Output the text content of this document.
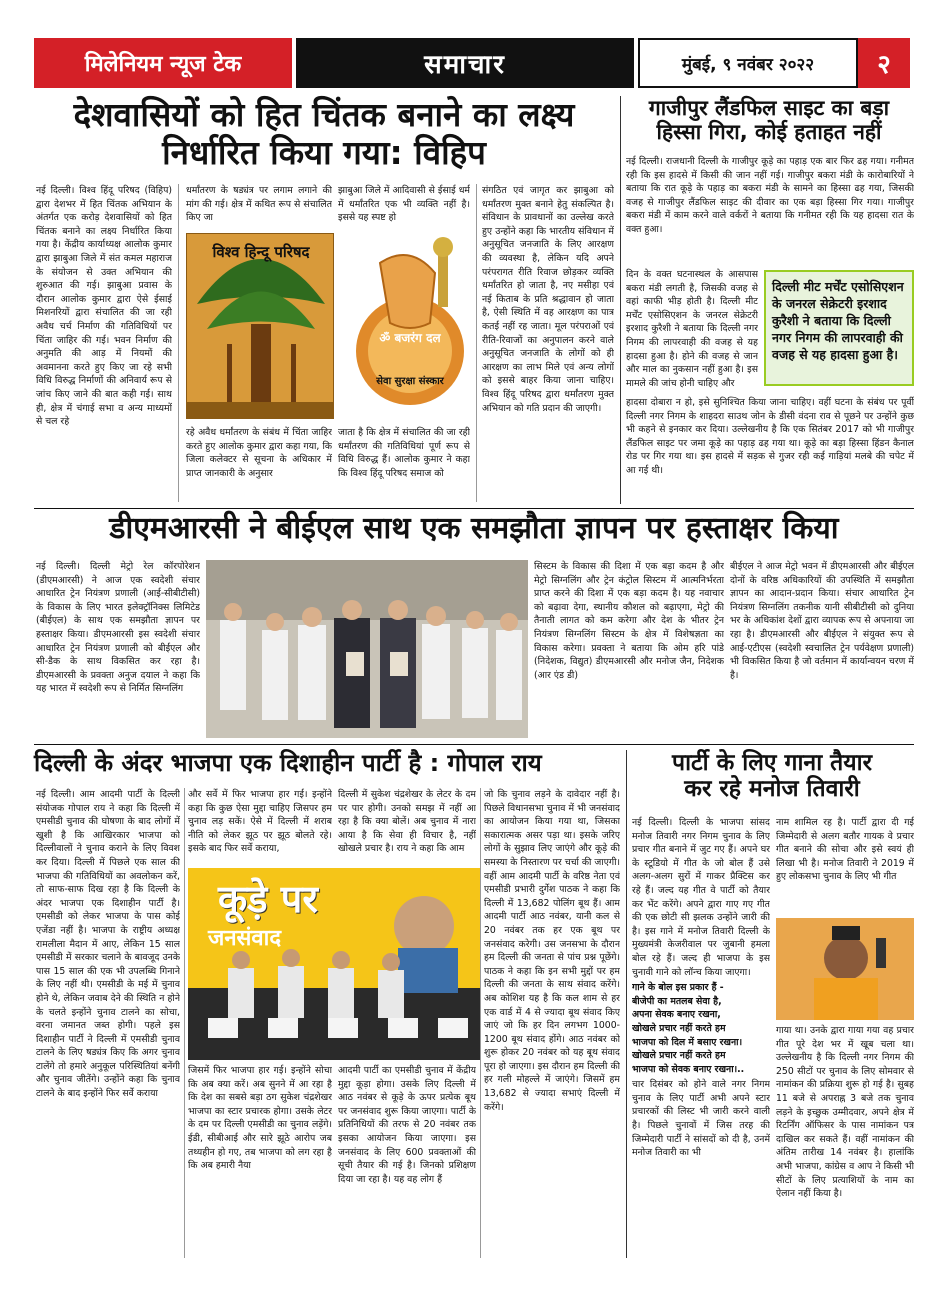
मिलेनियम न्यूज टेक	समाचार	मुंबई, ९ नवंबर २०२२	२
देशवासियों को हित चिंतक बनाने का लक्ष्य
निर्धारित किया गया: विहिप
नई दिल्ली। विश्व हिंदू परिषद (विहिप) द्वारा देशभर में हित चिंतक अभियान के अंतर्गत एक करोड़ देशवासियों को हित चिंतक बनाने का लक्ष्य निर्धारित किया गया है। केंद्रीय कार्याध्यक्ष आलोक कुमार द्वारा झाबुआ जिले में संत कमल महाराज के संयोजन से उक्त अभियान की शुरुआत की गई। झाबुआ प्रवास के दौरान आलोक कुमार द्वारा ऐसे ईसाई मिशनरियों द्वारा संचालित की जा रही अवैध चर्च निर्माण की गतिविधियों पर चिंता जाहिर की गई। भवन निर्माण की अनुमति की आड़ में नियमों की अवमानना करते हुए किए जा रहे सभी विधि विरुद्ध निर्माणों की अनिवार्य रूप से जांच किए जाने की बात कही गई। साथ ही, क्षेत्र में चंगाई सभा व अन्य माध्यमों से चल रहे
धर्मांतरण के षड्यंत्र पर लगाम लगाने की मांग की गई। क्षेत्र में कथित रूप से संचालित किए जा
झाबुआ जिले में आदिवासी से ईसाई धर्म में धर्मांतरित एक भी व्यक्ति नहीं है। इससे यह स्पष्ट हो
विश्व हिन्दू परिषद
ॐ बजरंग दल
सेवा सुरक्षा संस्कार
रहे अवैध धर्मांतरण के संबंध में चिंता जाहिर करते हुए आलोक कुमार द्वारा कहा गया, कि जिला कलेक्टर से सूचना के अधिकार में प्राप्त जानकारी के अनुसार
जाता है कि क्षेत्र में संचालित की जा रही धर्मांतरण की गतिविधियां पूर्ण रूप से विधि विरुद्ध हैं। आलोक कुमार ने कहा कि विश्व हिंदू परिषद समाज को
संगठित एवं जागृत कर झाबुआ को धर्मांतरण मुक्त बनाने हेतु संकल्पित है। संविधान के प्रावधानों का उल्लेख करते हुए उन्होंने कहा कि भारतीय संविधान में अनुसूचित जनजाति के लिए आरक्षण की व्यवस्था है, लेकिन यदि अपने परंपरागत रीति रिवाज छोड़कर व्यक्ति धर्मांतरित हो जाता है, नए मसीहा एवं नई किताब के प्रति श्रद्धावान हो जाता है, ऐसी स्थिति में वह आरक्षण का पात्र कतई नहीं रह जाता। मूल परंपराओं एवं रीति-रिवाजों का अनुपालन करने वाले अनुसूचित जनजाति के लोगों को ही आरक्षण का लाभ मिले एवं अन्य लोगों को इससे बाहर किया जाना चाहिए। विश्व हिंदू परिषद द्वारा धर्मांतरण मुक्त अभियान को गति प्रदान की जाएगी।
गाजीपुर लैंडफिल साइट का बड़ा
हिस्सा गिरा, कोई हताहत नहीं
नई दिल्ली। राजधानी दिल्ली के गाजीपुर कूड़े का पहाड़ एक बार फिर ढह गया। गनीमत रही कि इस हादसे में किसी की जान नहीं गई। गाजीपुर बकरा मंडी के कारोबारियों ने बताया कि रात कूड़े के पहाड़ का बकरा मंडी के सामने का हिस्सा ढह गया, जिसकी वजह से गाजीपुर लैंडफिल साइट की दीवार का एक बड़ा हिस्सा गिर गया। गाजीपुर बकरा मंडी में काम करने वाले वर्करों ने बताया कि गनीमत रही कि यह हादसा रात के वक्त हुआ।
दिन के वक्त घटनास्थल के आसपास बकरा मंडी लगती है, जिसकी वजह से वहां काफी भीड़ होती है। दिल्ली मीट मर्चेंट एसोसिएशन के जनरल सेक्रेटरी इरशाद कुरैशी ने बताया कि दिल्ली नगर निगम की लापरवाही की वजह से यह हादसा हुआ है। होने की वजह से जान और माल का नुकसान नहीं हुआ है। इस मामले की जांच होनी चाहिए और
दिल्ली मीट मर्चेंट एसोसिएशन के जनरल सेक्रेटरी इरशाद कुरैशी ने बताया कि दिल्ली नगर निगम की लापरवाही की वजह से यह हादसा हुआ है।
हादसा दोबारा न हो, इसे सुनिश्चित किया जाना चाहिए। वहीं घटना के संबंध पर पूर्वी दिल्ली नगर निगम के शाहदरा साउथ जोन के डीसी वंदना राव से पूछने पर उन्होंने कुछ भी कहने से इनकार कर दिया। उल्लेखनीय है कि एक सितंबर 2017 को भी गाजीपुर लैंडफिल साइट पर जमा कूड़े का पहाड़ ढह गया था। कूड़े का बड़ा हिस्सा हिंडन कैनाल रोड पर गिर गया था। इस हादसे में सड़क से गुजर रही कई गाड़ियां मलबे की चपेट में आ गई थी।
डीएमआरसी ने बीईएल साथ एक समझौता ज्ञापन पर हस्ताक्षर किया
नई दिल्ली। दिल्ली मेट्रो रेल कॉरपोरेशन (डीएमआरसी) ने आज एक स्वदेशी संचार आधारित ट्रेन नियंत्रण प्रणाली (आई-सीबीटीसी) के विकास के लिए भारत इलेक्ट्रॉनिक्स लिमिटेड (बीईएल) के साथ एक समझौता ज्ञापन पर हस्ताक्षर किया। डीएमआरसी इस स्वदेशी संचार आधारित ट्रेन नियंत्रण प्रणाली को बीईएल और सी-डैक के साथ विकसित कर रहा है। डीएमआरसी के प्रवक्ता अनुज दयाल ने कहा कि यह भारत में स्वदेशी रूप से निर्मित सिग्नलिंग
सिस्टम के विकास की दिशा में एक बड़ा कदम है और मेट्रो सिग्नलिंग और ट्रेन कंट्रोल सिस्टम में आत्मनिर्भरता प्राप्त करने की दिशा में एक बड़ा कदम है। यह नवाचार को बढ़ावा देगा, स्थानीय कौशल को बढ़ाएगा, मेट्रो की तैनाती लागत को कम करेगा और देश के भीतर ट्रेन नियंत्रण सिग्नलिंग सिस्टम के क्षेत्र में विशेषज्ञता का विकास करेगा। प्रवक्ता ने बताया कि ओम हरि पांडे (निदेशक, विद्युत) डीएमआरसी और मनोज जैन, निदेशक (आर एंड डी)
बीईएल ने आज मेट्रो भवन में डीएमआरसी और बीईएल दोनों के वरिष्ठ अधिकारियों की उपस्थिति में समझौता ज्ञापन का आदान-प्रदान किया। संचार आधारित ट्रेन नियंत्रण सिग्नलिंग तकनीक यानी सीबीटीसी को दुनिया भर के अधिकांश देशों द्वारा व्यापक रूप से अपनाया जा रहा है। डीएमआरसी और बीईएल ने संयुक्त रूप से आई-एटीएस (स्वदेशी स्वचालित ट्रेन पर्यवेक्षण प्रणाली) भी विकसित किया है जो वर्तमान में कार्यान्वयन चरण में है।
दिल्ली के अंदर भाजपा एक दिशाहीन पार्टी है : गोपाल राय
नई दिल्ली। आम आदमी पार्टी के दिल्ली संयोजक गोपाल राय ने कहा कि दिल्ली में एमसीडी चुनाव की घोषणा के बाद लोगों में खुशी है कि आखिरकार भाजपा को दिल्लीवालों ने चुनाव कराने के लिए विवश कर दिया। दिल्ली में पिछले एक साल की भाजपा की गतिविधियों का अवलोकन करें, तो साफ-साफ दिख रहा है कि दिल्ली के अंदर भाजपा एक दिशाहीन पार्टी है। एमसीडी को लेकर भाजपा के पास कोई एजेंडा नहीं है। भाजपा के राष्ट्रीय अध्यक्ष रामलीला मैदान में आए, लेकिन 15 साल एमसीडी में सरकार चलाने के बावजूद उनके पास 15 साल की एक भी उपलब्धि गिनाने के लिए नहीं थी। एमसीडी के मई में चुनाव होने थे, लेकिन जवाब देने की स्थिति न होने के चलते इन्होंने चुनाव टालने का सोचा, वरना जमानत जब्त होगी। पहले इस दिशाहीन पार्टी ने दिल्ली में एमसीडी चुनाव टालने के लिए षड्यंत्र किए कि अगर चुनाव टालेंगे तो हमारे अनुकूल परिस्थितियां बनेंगी और चुनाव जीतेंगे। उन्होंने कहा कि चुनाव टालने के बाद इन्होंने फिर सर्वे कराया
और सर्वे में फिर भाजपा हार गई। इन्होंने कहा कि कुछ ऐसा मुद्दा चाहिए जिसपर हम चुनाव लड़ सकें। ऐसे में दिल्ली में शराब नीति को लेकर झूठ पर झूठ बोलते रहे। इसके बाद फिर सर्वे कराया,
दिल्ली में सुकेश चंद्रशेखर के लेटर के दम पर पार होगी। उनको समझ में नहीं आ रहा है कि क्या बोलें। अब चुनाव में नारा आया है कि सेवा ही विचार है, नहीं खोखले प्रचार है। राय ने कहा कि आम
कूड़े पर
जनसंवाद
जिसमें फिर भाजपा हार गई। इन्होंने सोचा कि अब क्या करें। अब सुनने में आ रहा है कि देश का सबसे बड़ा ठग सुकेश चंद्रशेखर भाजपा का स्टार प्रचारक होगा। उसके लेटर के दम पर दिल्ली एमसीडी का चुनाव लड़ेंगे। ईडी, सीबीआई और सारे झूठे आरोप जब तथ्यहीन हो गए, तब भाजपा को लग रहा है कि अब हमारी नैया
आदमी पार्टी का एमसीडी चुनाव में केंद्रीय मुद्दा कूड़ा होगा। उसके लिए दिल्ली में आठ नवंबर से कूड़े के ऊपर प्रत्येक बूथ पर जनसंवाद शुरू किया जाएगा। पार्टी के प्रतिनिधियों की तरफ से 20 नवंबर तक इसका आयोजन किया जाएगा। इस जनसंवाद के लिए 600 प्रवक्ताओं की सूची तैयार की गई है। जिनको प्रशिक्षण दिया जा रहा है। यह वह लोग हैं
जो कि चुनाव लड़ने के दावेदार नहीं है। पिछले विधानसभा चुनाव में भी जनसंवाद का आयोजन किया गया था, जिसका सकारात्मक असर पड़ा था। इसके जरिए लोगों के सुझाव लिए जाएंगे और कूड़े की समस्या के निस्तारण पर चर्चा की जाएगी। वहीं आम आदमी पार्टी के वरिष्ठ नेता एवं एमसीडी प्रभारी दुर्गेश पाठक ने कहा कि दिल्ली में 13,682 पोलिंग बूथ हैं। आम आदमी पार्टी आठ नवंबर, यानी कल से 20 नवंबर तक हर एक बूथ पर जनसंवाद करेगी। उस जनसभा के दौरान हम दिल्ली की जनता से पांच प्रश्न पूछेंगे। पाठक ने कहा कि इन सभी मुद्दों पर हम दिल्ली की जनता के साथ संवाद करेंगे। अब कोशिश यह है कि कल शाम से हर एक वार्ड में 4 से ज्यादा बूथ संवाद किए जाएं जो कि हर दिन लगभग 1000-1200 बूथ संवाद होंगे। आठ नवंबर को शुरू होकर 20 नवंबर को यह बूथ संवाद पूरा हो जाएगा। इस दौरान हम दिल्ली की हर गली मोहल्ले में जाएंगे। जिसमें हम 13,682 से ज्यादा सभाएं दिल्ली में करेंगे।
पार्टी के लिए गाना तैयार
कर रहे मनोज तिवारी
नई दिल्ली। दिल्ली के भाजपा सांसद मनोज तिवारी नगर निगम चुनाव के लिए प्रचार गीत बनाने में जुट गए हैं। अपने घर के स्टूडियो में गीत के जो बोल हैं उसे अलग-अलग सुरों में गाकर प्रैक्टिस कर रहे हैं। जल्द यह गीत वे पार्टी को तैयार कर भेंट करेंगे। अपने द्वारा गाए गए गीत की एक छोटी सी झलक उन्होंने जारी की है। इस गाने में मनोज तिवारी दिल्ली के मुख्यमंत्री केजरीवाल पर जुबानी हमला बोल रहे हैं। जल्द ही भाजपा के इस चुनावी गाने को लॉन्च किया जाएगा।
गाने के बोल इस प्रकार हैं -
बीजेपी का मतलब सेवा है,
अपना सेवक बनाए रखना,
खोखले प्रचार नहीं करते हम
भाजपा को दिल में बसाए रखना।
खोखले प्रचार नहीं करते हम
भाजपा को सेवक बनाए रखना।..
चार दिसंबर को होने वाले नगर निगम चुनाव के लिए पार्टी अभी अपने स्टार प्रचारकों की लिस्ट भी जारी करने वाली है। पिछले चुनावों में जिस तरह की जिम्मेदारी पार्टी ने सांसदों को दी है, उनमें मनोज तिवारी का भी
नाम शामिल रह है। पार्टी द्वारा दी गई जिम्मेदारी से अलग बतौर गायक वे प्रचार गीत बनाने की सोचा और इसे स्वयं ही लिखा भी है। मनोज तिवारी ने 2019 में हुए लोकसभा चुनाव के लिए भी गीत
गाया था। उनके द्वारा गाया गया वह प्रचार गीत पूरे देश भर में खूब चला था। उल्लेखनीय है कि दिल्ली नगर निगम की 250 सीटों पर चुनाव के लिए सोमवार से नामांकन की प्रक्रिया शुरू हो गई है। सुबह 11 बजे से अपराह्न 3 बजे तक चुनाव लड़ने के इच्छुक उम्मीदवार, अपने क्षेत्र में रिटर्निंग ऑफिसर के पास नामांकन पत्र दाखिल कर सकते हैं। वहीं नामांकन की अंतिम तारीख 14 नवंबर है। हालांकि अभी भाजपा, कांग्रेस व आप ने किसी भी सीटों के लिए प्रत्याशियों के नाम का ऐलान नहीं किया है।
